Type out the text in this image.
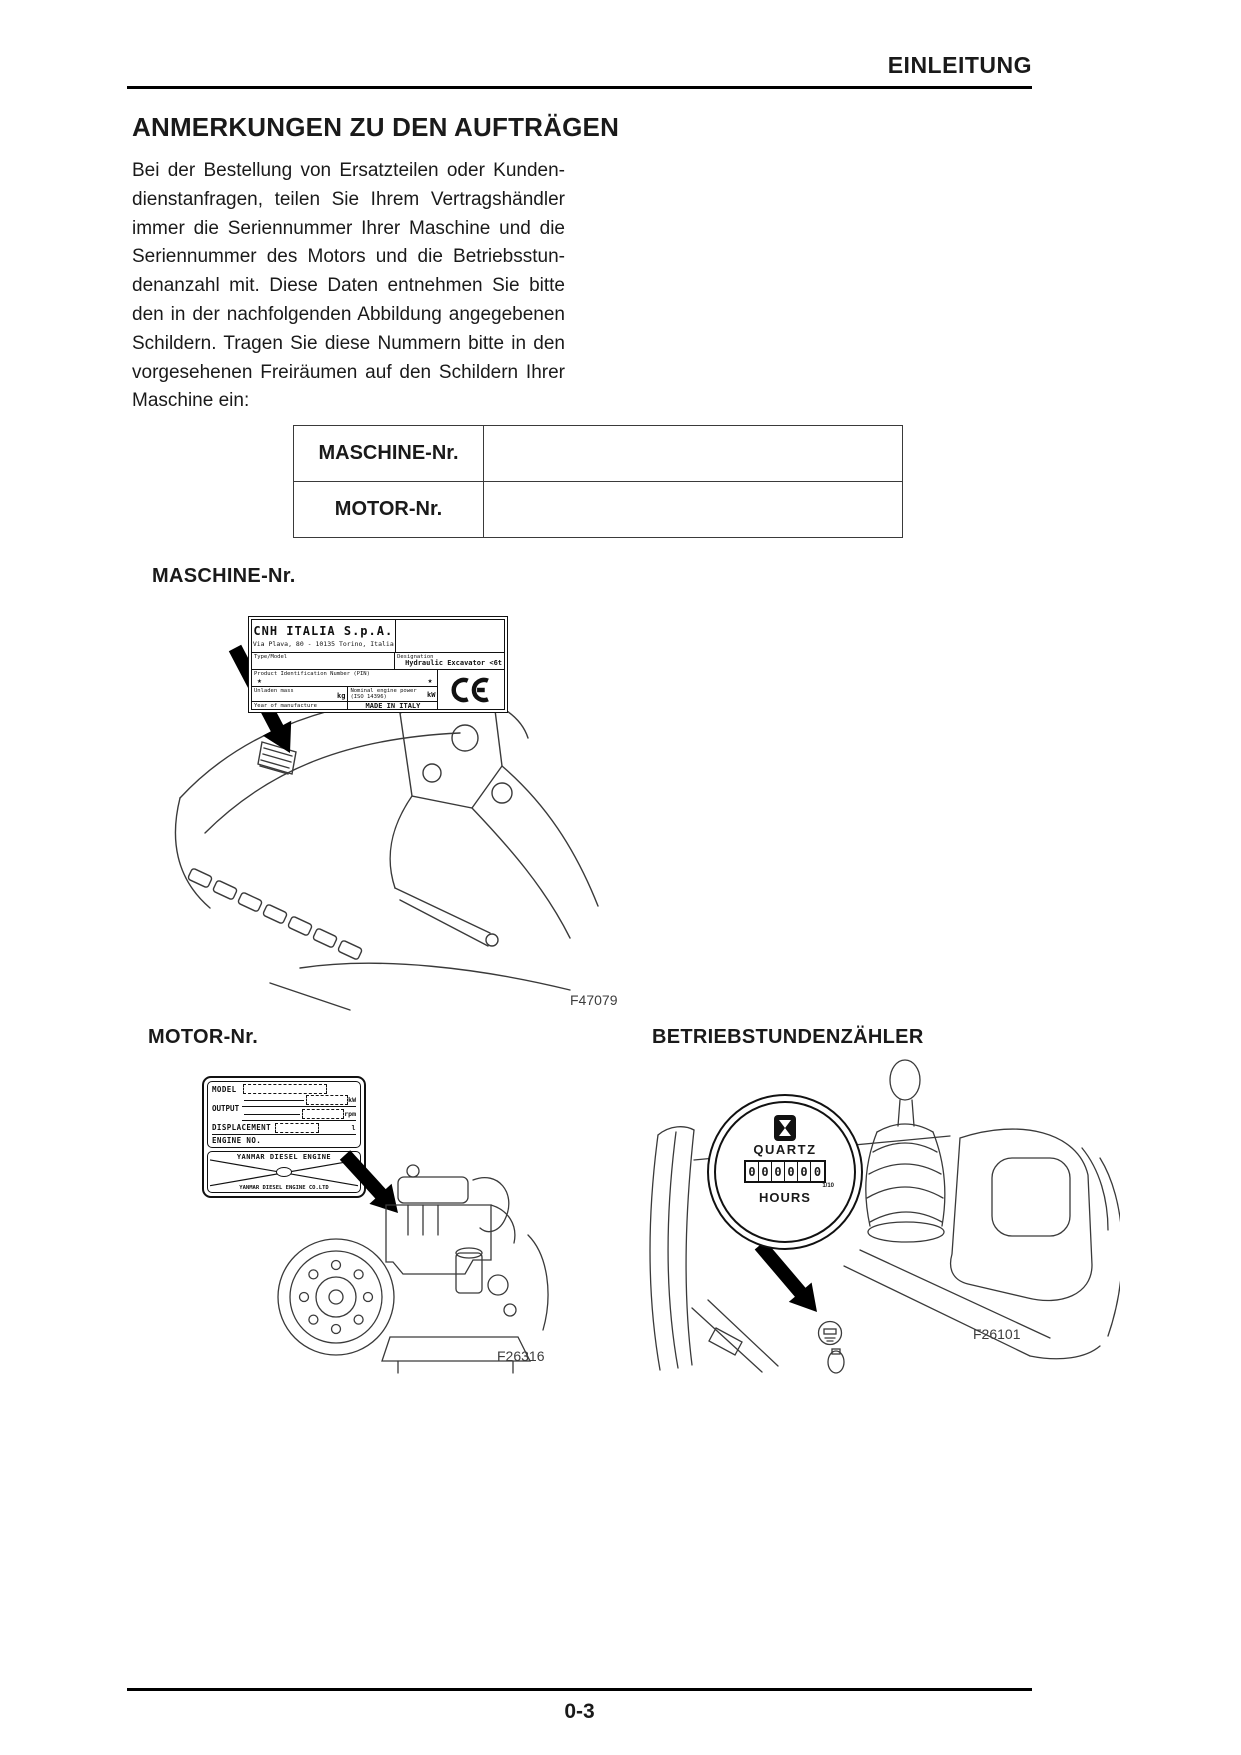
EINLEITUNG
ANMERKUNGEN ZU DEN AUFTRÄGEN
Bei der Bestellung von Ersatzteilen oder Kunden-
dienstanfragen, teilen Sie Ihrem Vertragshändler
immer die Seriennummer Ihrer Maschine und die
Seriennummer des Motors und die Betriebsstun-
denanzahl mit. Diese Daten entnehmen Sie bitte
den in der nachfolgenden Abbildung angegebenen
Schildern. Tragen Sie diese Nummern bitte in den
vorgesehenen Freiräumen auf den Schildern Ihrer
Maschine ein:
MASCHINE-Nr.	
MOTOR-Nr.	
MASCHINE-Nr.
MOTOR-Nr.	BETRIEBSTUNDENZÄHLER
F47079
CNH ITALIA S.p.A.
Via Plava, 80 - 10135 Torino, Italia
Type/Model	Designation
Hydraulic Excavator <6t
Product Identification Number (PIN)
★	★
Unladen mass
kg
Nominal engine power
(ISO 14396)	kW
Year of manufacture	MADE IN ITALY
MODEL
OUTPUT
kW
rpm
DISPLACEMENT	l
ENGINE NO.
YANMAR DIESEL ENGINE
YANMAR DIESEL ENGINE CO.LTD
F26316
F26101
QUARTZ
0 0 0 0 0 0
1/10
HOURS
0-3
